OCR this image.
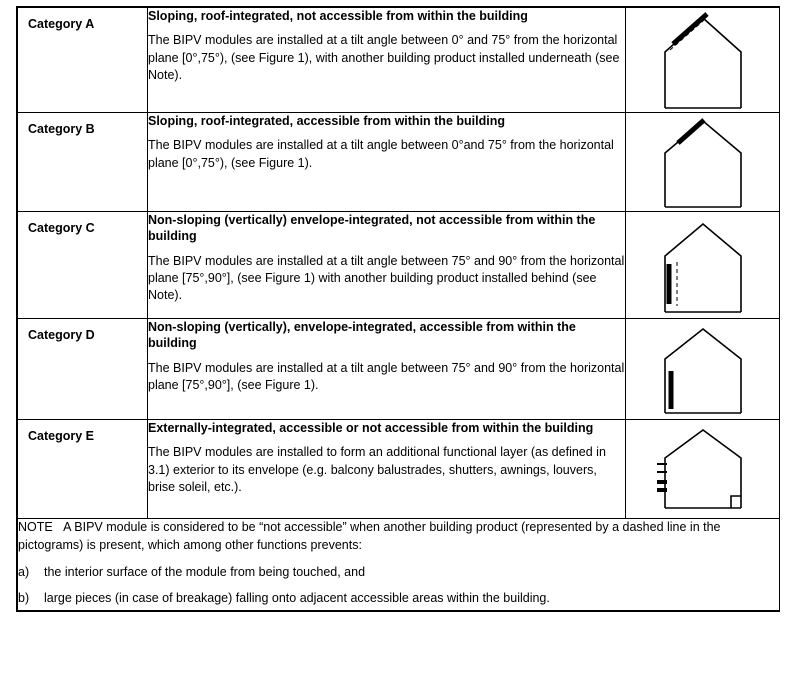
Category A	Sloping, roof-integrated, not accessible from within the building

The BIPV modules are installed at a tilt angle between 0° and 75° from the horizontal plane [0°,75°), (see Figure 1), with another building product installed underneath (see Note).

Category B	Sloping, roof-integrated, accessible from within the building

The BIPV modules are installed at a tilt angle between 0°and 75° from the horizontal plane [0°,75°), (see Figure 1).

Category C	Non-sloping (vertically) envelope-integrated, not accessible from within the building

The BIPV modules are installed at a tilt angle between 75° and 90° from the horizontal plane [75°,90°], (see Figure 1) with another building product installed behind (see Note).

Category D	Non-sloping (vertically), envelope-integrated, accessible from within the building

The BIPV modules are installed at a tilt angle between 75° and 90° from the horizontal plane [75°,90°], (see Figure 1).

Category E	Externally-integrated, accessible or not accessible from within the building

The BIPV modules are installed to form an additional functional layer (as defined in 3.1) exterior to its envelope (e.g. balcony balustrades, shutters, awnings, louvers, brise soleil, etc.).

NOTE A BIPV module is considered to be “not accessible” when another building product (represented by a dashed line in the pictograms) is present, which among other functions prevents:

a)	the interior surface of the module from being touched, and
b)	large pieces (in case of breakage) falling onto adjacent accessible areas within the building.
